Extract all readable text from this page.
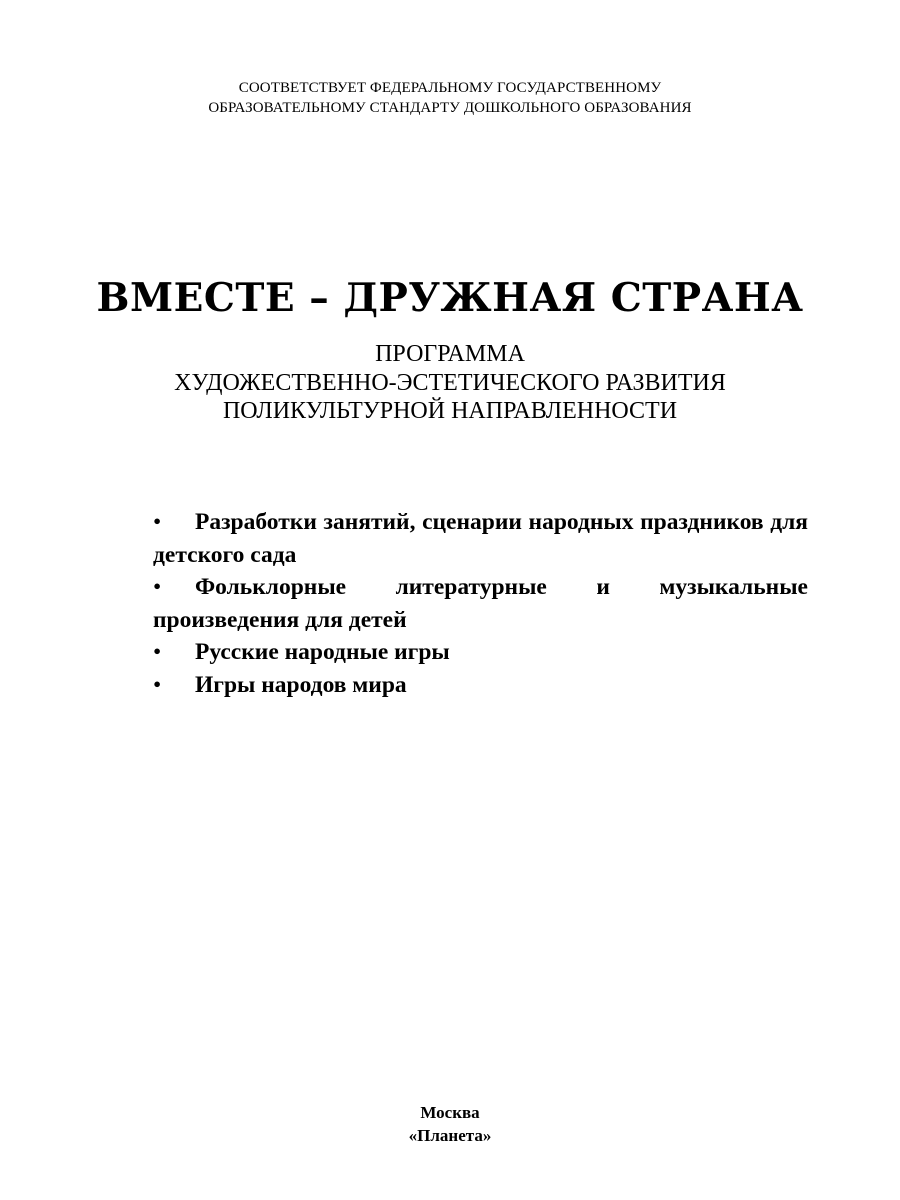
СООТВЕТСТВУЕТ ФЕДЕРАЛЬНОМУ ГОСУДАРСТВЕННОМУ
ОБРАЗОВАТЕЛЬНОМУ СТАНДАРТУ ДОШКОЛЬНОГО ОБРАЗОВАНИЯ
ВМЕСТЕ – ДРУЖНАЯ СТРАНА
ПРОГРАММА
ХУДОЖЕСТВЕННО-ЭСТЕТИЧЕСКОГО РАЗВИТИЯ
ПОЛИКУЛЬТУРНОЙ НАПРАВЛЕННОСТИ
• Разработки занятий, сценарии народных праздников для детского сада
• Фольклорные литературные и музыкальные произведения для детей
• Русские народные игры
• Игры народов мира
Москва
«Планета»
